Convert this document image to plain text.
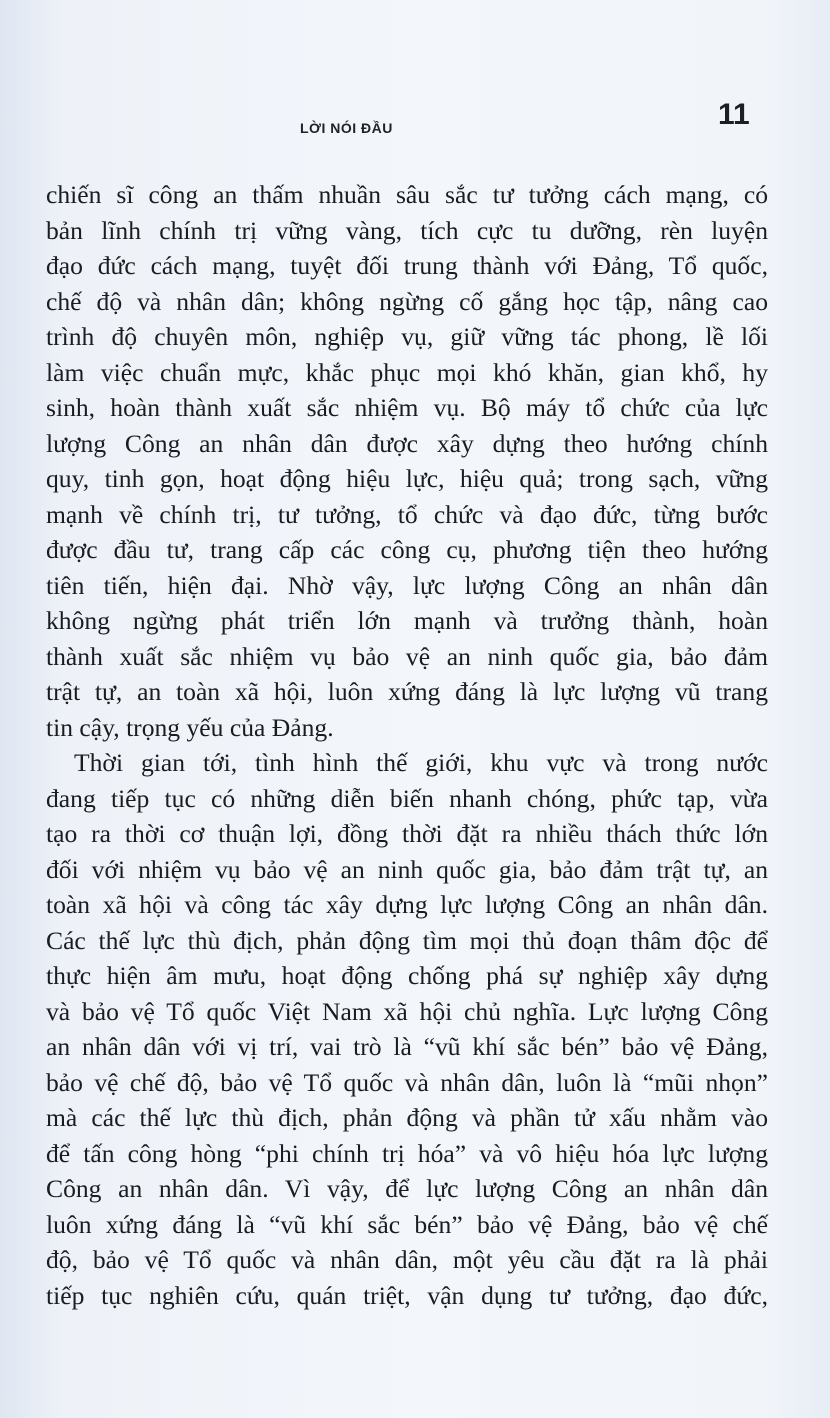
LỜI NÓI ĐẦU	11
chiến sĩ công an thấm nhuần sâu sắc tư tưởng cách mạng, có
bản lĩnh chính trị vững vàng, tích cực tu dưỡng, rèn luyện
đạo đức cách mạng, tuyệt đối trung thành với Đảng, Tổ quốc,
chế độ và nhân dân; không ngừng cố gắng học tập, nâng cao
trình độ chuyên môn, nghiệp vụ, giữ vững tác phong, lề lối
làm việc chuẩn mực, khắc phục mọi khó khăn, gian khổ, hy
sinh, hoàn thành xuất sắc nhiệm vụ. Bộ máy tổ chức của lực
lượng Công an nhân dân được xây dựng theo hướng chính
quy, tinh gọn, hoạt động hiệu lực, hiệu quả; trong sạch, vững
mạnh về chính trị, tư tưởng, tổ chức và đạo đức, từng bước
được đầu tư, trang cấp các công cụ, phương tiện theo hướng
tiên tiến, hiện đại. Nhờ vậy, lực lượng Công an nhân dân
không ngừng phát triển lớn mạnh và trưởng thành, hoàn
thành xuất sắc nhiệm vụ bảo vệ an ninh quốc gia, bảo đảm
trật tự, an toàn xã hội, luôn xứng đáng là lực lượng vũ trang
tin cậy, trọng yếu của Đảng.
Thời gian tới, tình hình thế giới, khu vực và trong nước
đang tiếp tục có những diễn biến nhanh chóng, phức tạp, vừa
tạo ra thời cơ thuận lợi, đồng thời đặt ra nhiều thách thức lớn
đối với nhiệm vụ bảo vệ an ninh quốc gia, bảo đảm trật tự, an
toàn xã hội và công tác xây dựng lực lượng Công an nhân dân.
Các thế lực thù địch, phản động tìm mọi thủ đoạn thâm độc để
thực hiện âm mưu, hoạt động chống phá sự nghiệp xây dựng
và bảo vệ Tổ quốc Việt Nam xã hội chủ nghĩa. Lực lượng Công
an nhân dân với vị trí, vai trò là “vũ khí sắc bén” bảo vệ Đảng,
bảo vệ chế độ, bảo vệ Tổ quốc và nhân dân, luôn là “mũi nhọn”
mà các thế lực thù địch, phản động và phần tử xấu nhằm vào
để tấn công hòng “phi chính trị hóa” và vô hiệu hóa lực lượng
Công an nhân dân. Vì vậy, để lực lượng Công an nhân dân
luôn xứng đáng là “vũ khí sắc bén” bảo vệ Đảng, bảo vệ chế
độ, bảo vệ Tổ quốc và nhân dân, một yêu cầu đặt ra là phải
tiếp tục nghiên cứu, quán triệt, vận dụng tư tưởng, đạo đức,
